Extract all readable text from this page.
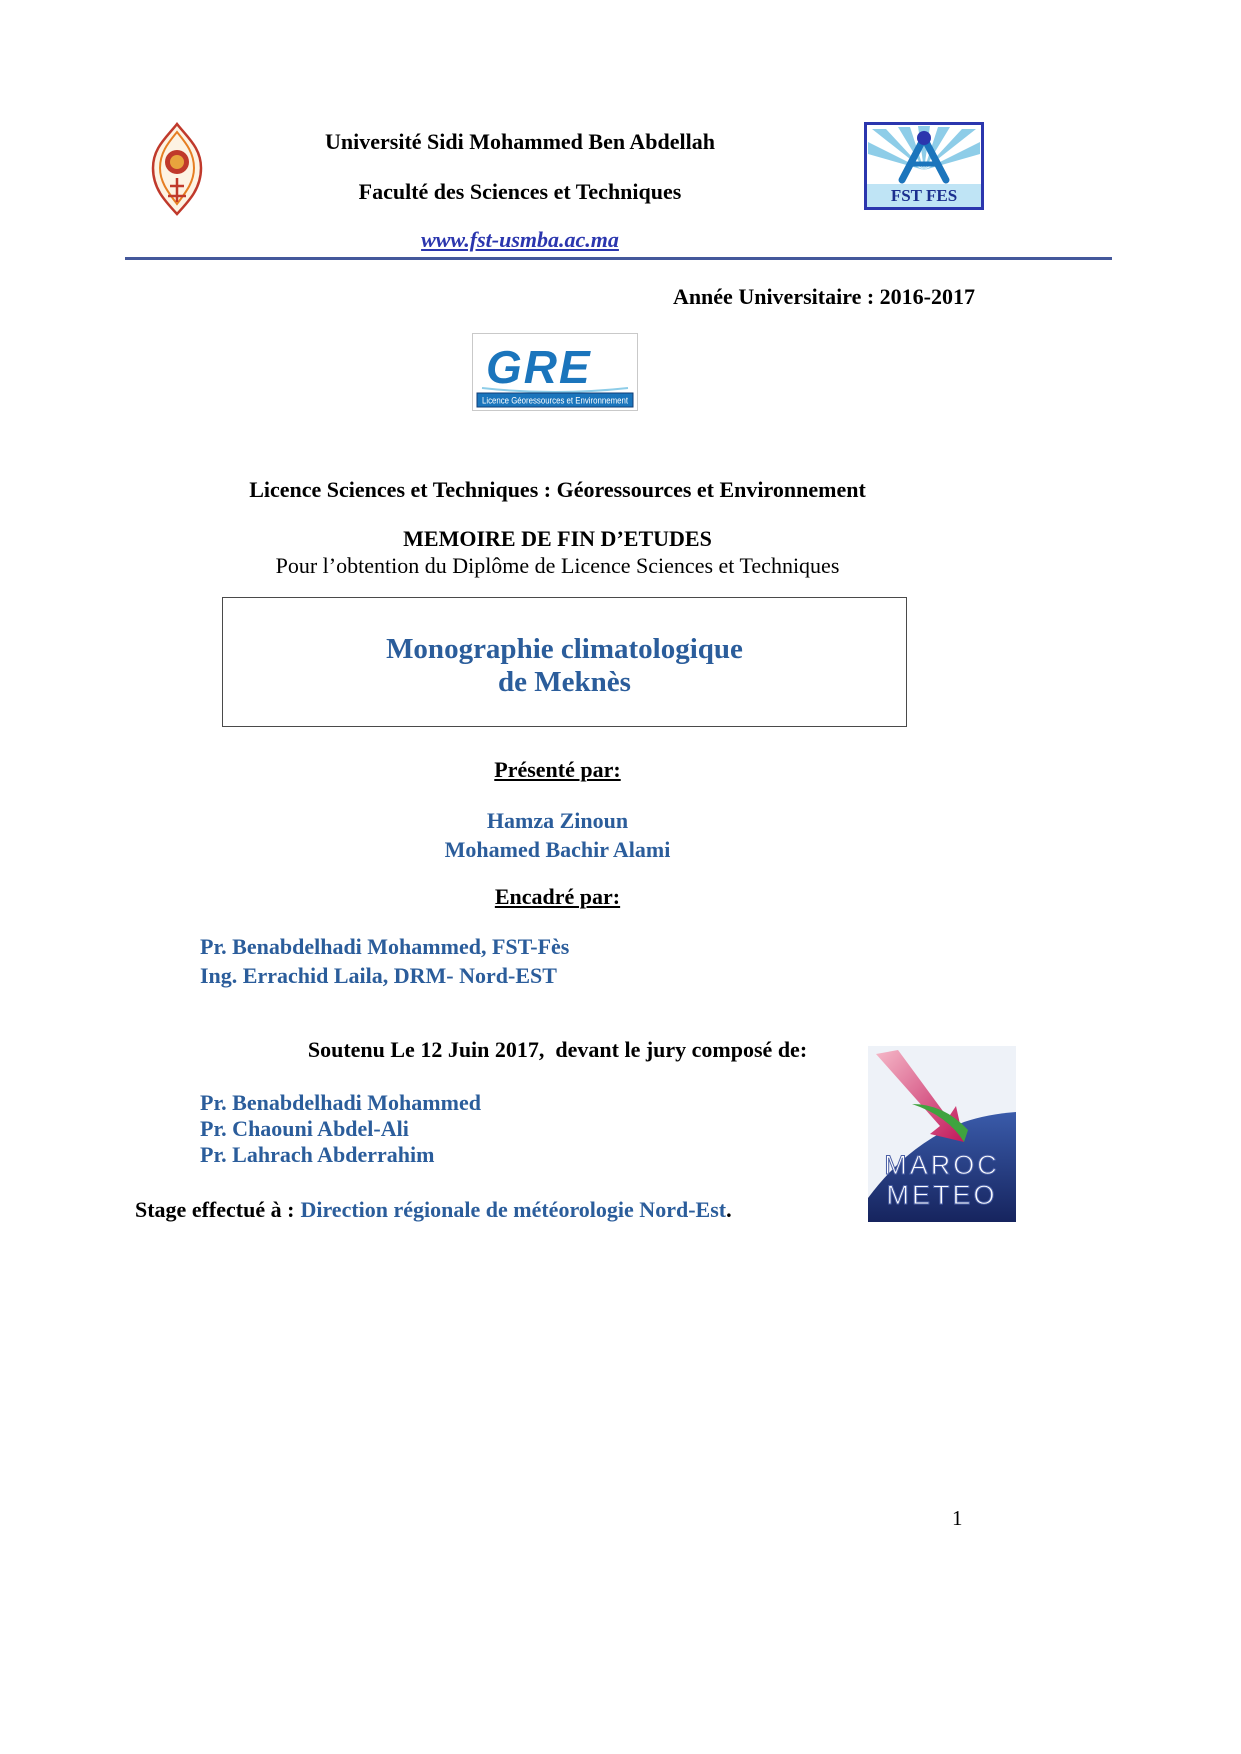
Université Sidi Mohammed Ben Abdellah
Faculté des Sciences et Techniques
www.fst-usmba.ac.ma
FST FES
Année Universitaire : 2016-2017
GRE
Licence Géoressources et Environnement
Licence Sciences et Techniques : Géoressources et Environnement
MEMOIRE DE FIN D’ETUDES
Pour l’obtention du Diplôme de Licence Sciences et Techniques
Monographie climatologique
de Meknès
Présenté par:
Hamza Zinoun
Mohamed Bachir Alami
Encadré par:
Pr. Benabdelhadi Mohammed, FST-Fès
Ing. Errachid Laila, DRM- Nord-EST
Soutenu Le 12 Juin 2017,  devant le jury composé de:
Pr. Benabdelhadi Mohammed
Pr. Chaouni Abdel-Ali
Pr. Lahrach Abderrahim
Stage effectué à : Direction régionale de météorologie Nord-Est.
MAROC
METEO
1
